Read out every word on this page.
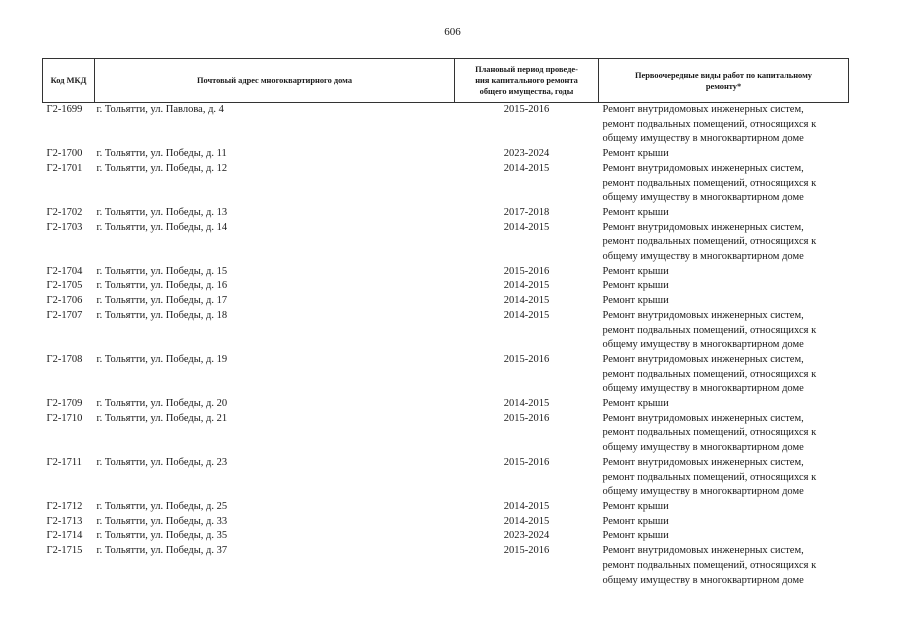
606
Код МКД	Почтовый адрес многоквартирного дома	Плановый период проведе-
ния капитального ремонта
общего имущества, годы	Первоочередные виды работ по капитальному
ремонту*

Г2-1699	г. Тольятти, ул. Павлова, д. 4	2015-2016	Ремонт внутридомовых инженерных систем,
ремонт подвальных помещений, относящихся к
общему имуществу в многоквартирном доме

Г2-1700	г. Тольятти, ул. Победы, д. 11	2023-2024	Ремонт крыши

Г2-1701	г. Тольятти, ул. Победы, д. 12	2014-2015	Ремонт внутридомовых инженерных систем,
ремонт подвальных помещений, относящихся к
общему имуществу в многоквартирном доме

Г2-1702	г. Тольятти, ул. Победы, д. 13	2017-2018	Ремонт крыши

Г2-1703	г. Тольятти, ул. Победы, д. 14	2014-2015	Ремонт внутридомовых инженерных систем,
ремонт подвальных помещений, относящихся к
общему имуществу в многоквартирном доме

Г2-1704	г. Тольятти, ул. Победы, д. 15	2015-2016	Ремонт крыши

Г2-1705	г. Тольятти, ул. Победы, д. 16	2014-2015	Ремонт крыши

Г2-1706	г. Тольятти, ул. Победы, д. 17	2014-2015	Ремонт крыши

Г2-1707	г. Тольятти, ул. Победы, д. 18	2014-2015	Ремонт внутридомовых инженерных систем,
ремонт подвальных помещений, относящихся к
общему имуществу в многоквартирном доме

Г2-1708	г. Тольятти, ул. Победы, д. 19	2015-2016	Ремонт внутридомовых инженерных систем,
ремонт подвальных помещений, относящихся к
общему имуществу в многоквартирном доме

Г2-1709	г. Тольятти, ул. Победы, д. 20	2014-2015	Ремонт крыши

Г2-1710	г. Тольятти, ул. Победы, д. 21	2015-2016	Ремонт внутридомовых инженерных систем,
ремонт подвальных помещений, относящихся к
общему имуществу в многоквартирном доме

Г2-1711	г. Тольятти, ул. Победы, д. 23	2015-2016	Ремонт внутридомовых инженерных систем,
ремонт подвальных помещений, относящихся к
общему имуществу в многоквартирном доме

Г2-1712	г. Тольятти, ул. Победы, д. 25	2014-2015	Ремонт крыши

Г2-1713	г. Тольятти, ул. Победы, д. 33	2014-2015	Ремонт крыши

Г2-1714	г. Тольятти, ул. Победы, д. 35	2023-2024	Ремонт крыши

Г2-1715	г. Тольятти, ул. Победы, д. 37	2015-2016	Ремонт внутридомовых инженерных систем,
ремонт подвальных помещений, относящихся к
общему имуществу в многоквартирном доме
